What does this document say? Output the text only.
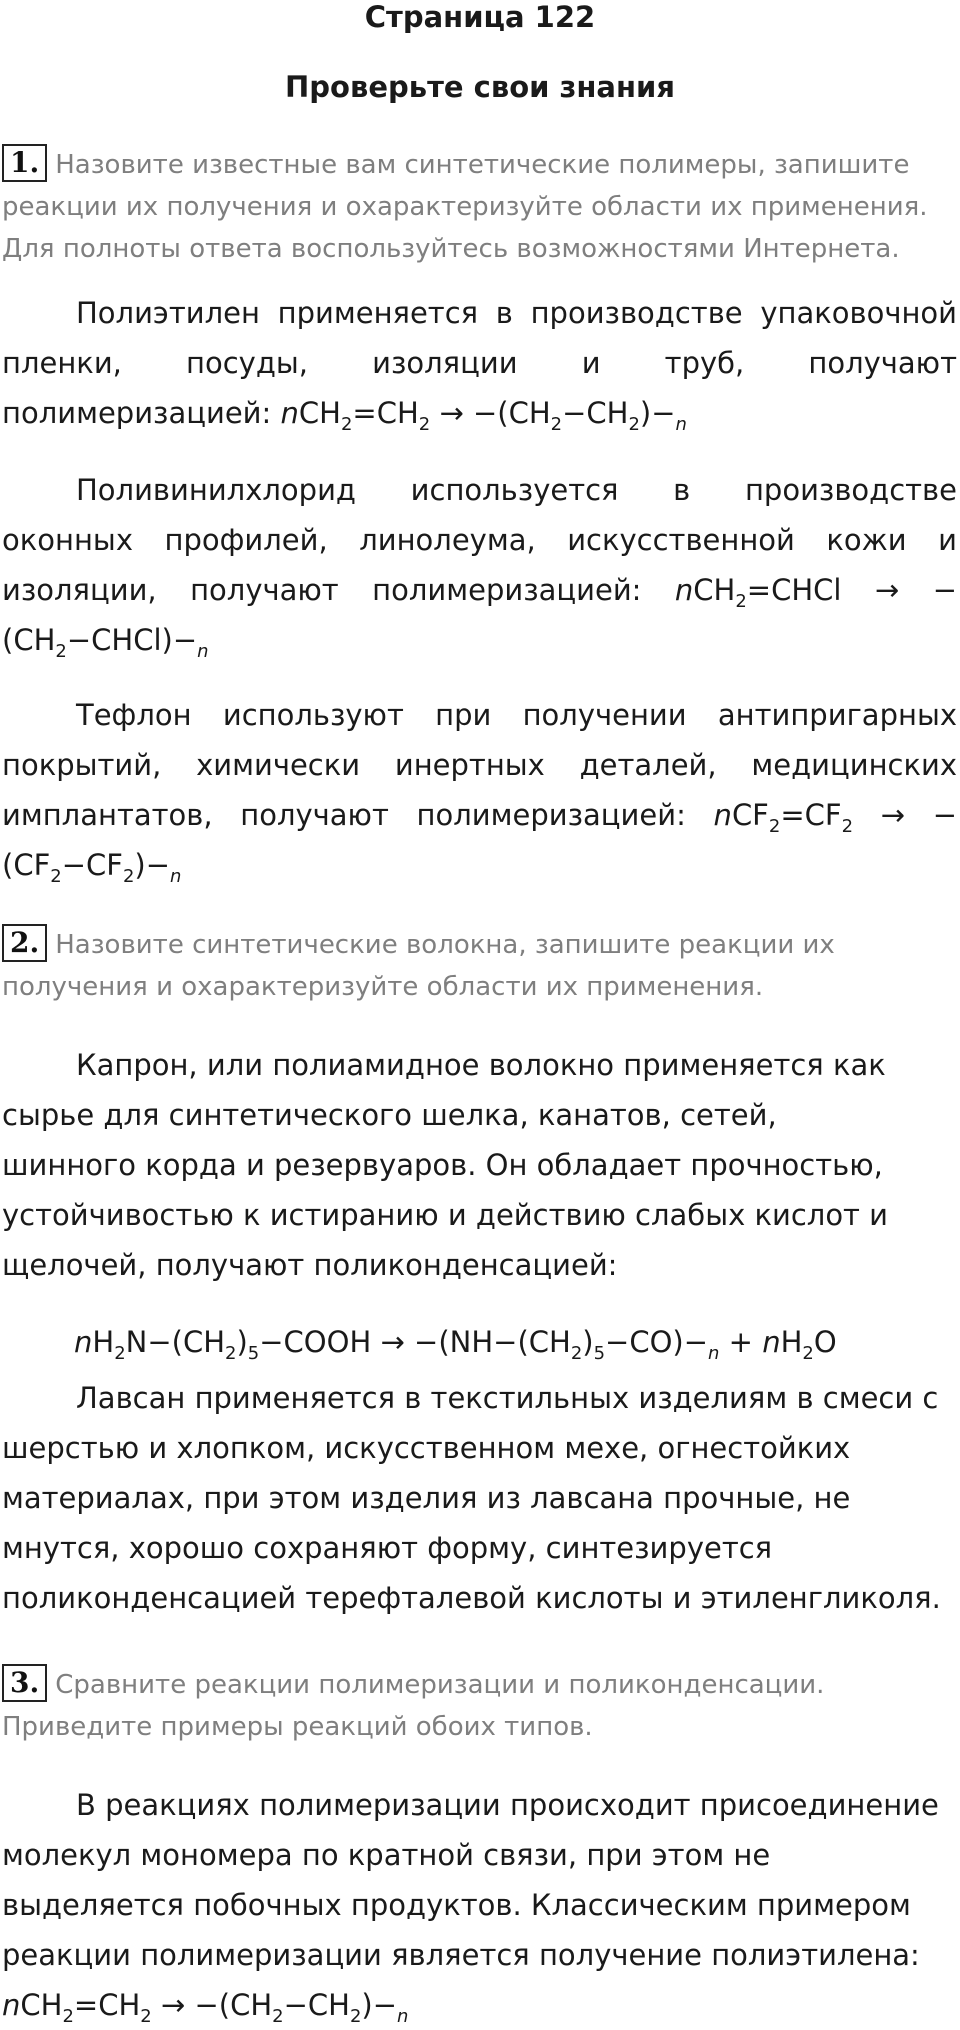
Страница 122
Проверьте свои знания
1. Назовите известные вам синтетические полимеры, запишите реакции их получения и охарактеризуйте области их применения. Для полноты ответа воспользуйтесь возможностями Интернета.

Полиэтилен применяется в производстве упаковочной пленки, посуды, изоляции и труб, получают полимеризацией: $nCH_2=CH_2 \to -(CH_2-CH_2)-_n$

Поливинилхлорид используется в производстве оконных профилей, линолеума, искусственной кожи и изоляции, получают полимеризацией: nCH$_2$=CHCl → $-(CH_2-CHCl)-_n$

Тефлон используют при получении антипригарных покрытий, химически инертных деталей, медицинских имплантатов, получают полимеризацией: $nCF_2=CF_2 \to -(CF_2-CF_2)-_n$

2. Назовите синтетические волокна, запишите реакции их получения и охарактеризуйте области их применения.

Капрон, или полиамидное волокно применяется как сырье для синтетического шелка, канатов, сетей, шинного корда и резервуаров. Он обладает прочностью, устойчивостью к истиранию и действию слабых кислот и щелочей, получают поликонденсацией:

$nH_2N-(CH_2)_5-COOH \to -(NH-(CH_2)_5-CO)-_n + nH_2O$

Лавсан применяется в текстильных изделиям в смеси с шерстью и хлопком, искусственном мехе, огнестойких материалах, при этом изделия из лавсана прочные, не мнутся, хорошо сохраняют форму, синтезируется поликонденсацией терефталевой кислоты и этиленгликоля.

3. Сравните реакции полимеризации и поликонденсации. Приведите примеры реакций обоих типов.

В реакциях полимеризации происходит присоединение молекул мономера по кратной связи, при этом не выделяется побочных продуктов. Классическим примером реакции полимеризации является получение полиэтилена:

$nCH_2=CH_2 \to -(CH_2-CH_2)-_n$
